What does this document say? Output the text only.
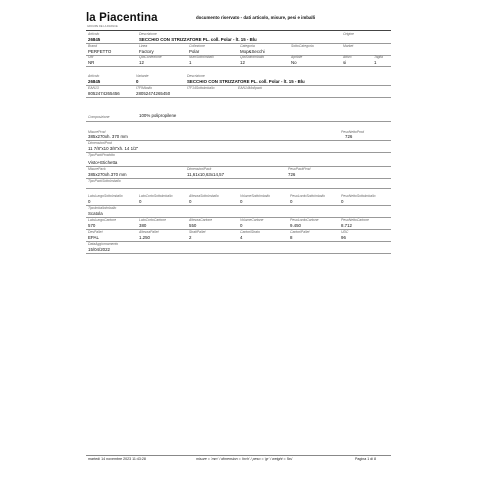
la Piacentina
GROUPE DE LA FRANCE
documento riservato - dati articolo, misure, pesi e imballi
Articolo	Descrizione	Origine
26845	SECCHIO CON STRIZZATORE PL. coll. Polar - lt. 15 - Blu
Brand	Linea	Collezione	Categoria	SottoCategoria	Market
PERFETTO	Factory	Polar	Mop&Secchi
UM	QtaConfezione	NumSottolmballi	QtaSottolmballo	Apribile	Attivo	Taglia
NR	12	1	12	No	si	1
Articolo	Variante	Descrizione
26845	0	SECCHIO CON STRIZZATORE PL. coll. Polar - lt. 15 - Blu
EAN13	ITFIMballo	ITF14Sottolmballo	EAN14Mollpack
8052474265456	28052474265450
Composizione	100% polipropilene
MisureProd	PesoNettoProd
385x270xh. 370 mm	726
DimensioniProd
11 7/8"x10 3/8"xh. 14 1/2"
TipoPackProdotto
Visto+Etichetta
MisurePack	DimensioniPack	PesoPackProd
385x270xh.370 mm	11,61x10,63x14,57	726
TipoPackSottolmballo
LatoLungoSottolmballo	LatoCortoSottolmballo	AltezzaSottolmballo	VolumeSottolmballo	PesoLordoSottolmballo	PesoNettoSottolmballo
0	0	0	0	0	0
TipoImballolmballo
Scatola
LatoLungoCartone	LatoCortoCartone	AltezzaCartone	VolumeCartone	PesoLordoCartone	PesoNettoCartone
570	380	550	0	9.450	8.712
DesPallet	AltezzaPallet	StratiPallet	CartoniStrato	CartoniPallet	UDC
EPAL	1.250	2	4	8	96
DataAggiornamento
15/04/2022
martedì 14 novembre 2023 11:43:28	misure = 'mm' / dimension = 'inch' / peso = 'gr' / weight = 'lbs'	Pagina 1 di 8
